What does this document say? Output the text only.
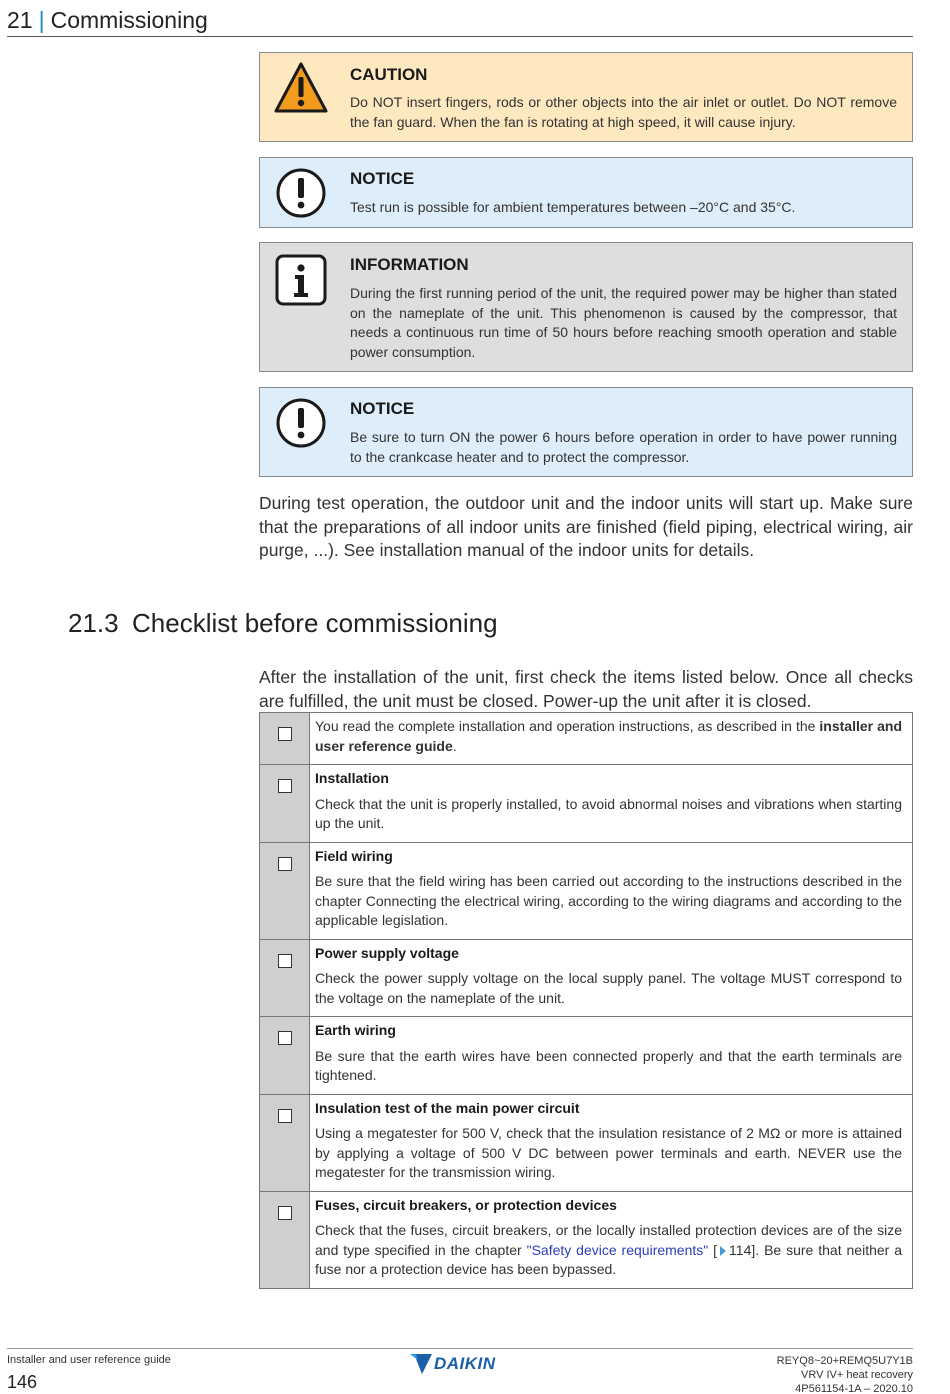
21 | Commissioning
CAUTION
Do NOT insert fingers, rods or other objects into the air inlet or outlet. Do NOT remove the fan guard. When the fan is rotating at high speed, it will cause injury.
NOTICE
Test run is possible for ambient temperatures between –20°C and 35°C.
INFORMATION
During the first running period of the unit, the required power may be higher than stated on the nameplate of the unit. This phenomenon is caused by the compressor, that needs a continuous run time of 50 hours before reaching smooth operation and stable power consumption.
NOTICE
Be sure to turn ON the power 6 hours before operation in order to have power running to the crankcase heater and to protect the compressor.
During test operation, the outdoor unit and the indoor units will start up. Make sure that the preparations of all indoor units are finished (field piping, electrical wiring, air purge, ...). See installation manual of the indoor units for details.
21.3 Checklist before commissioning
After the installation of the unit, first check the items listed below. Once all checks are fulfilled, the unit must be closed. Power-up the unit after it is closed.
	You read the complete installation and operation instructions, as described in the installer and user reference guide.

	Installation
Check that the unit is properly installed, to avoid abnormal noises and vibrations when starting up the unit.

	Field wiring
Be sure that the field wiring has been carried out according to the instructions described in the chapter Connecting the electrical wiring, according to the wiring diagrams and according to the applicable legislation.

	Power supply voltage
Check the power supply voltage on the local supply panel. The voltage MUST correspond to the voltage on the nameplate of the unit.

	Earth wiring
Be sure that the earth wires have been connected properly and that the earth terminals are tightened.

	Insulation test of the main power circuit
Using a megatester for 500 V, check that the insulation resistance of 2 MΩ or more is attained by applying a voltage of 500 V DC between power terminals and earth. NEVER use the megatester for the transmission wiring.

	Fuses, circuit breakers, or protection devices
Check that the fuses, circuit breakers, or the locally installed protection devices are of the size and type specified in the chapter "Safety device requirements" [ 114]. Be sure that neither a fuse nor a protection device has been bypassed.
Installer and user reference guide
146
DAIKIN	REYQ8~20+REMQ5U7Y1B
VRV IV+ heat recovery
4P561154-1A – 2020.10
